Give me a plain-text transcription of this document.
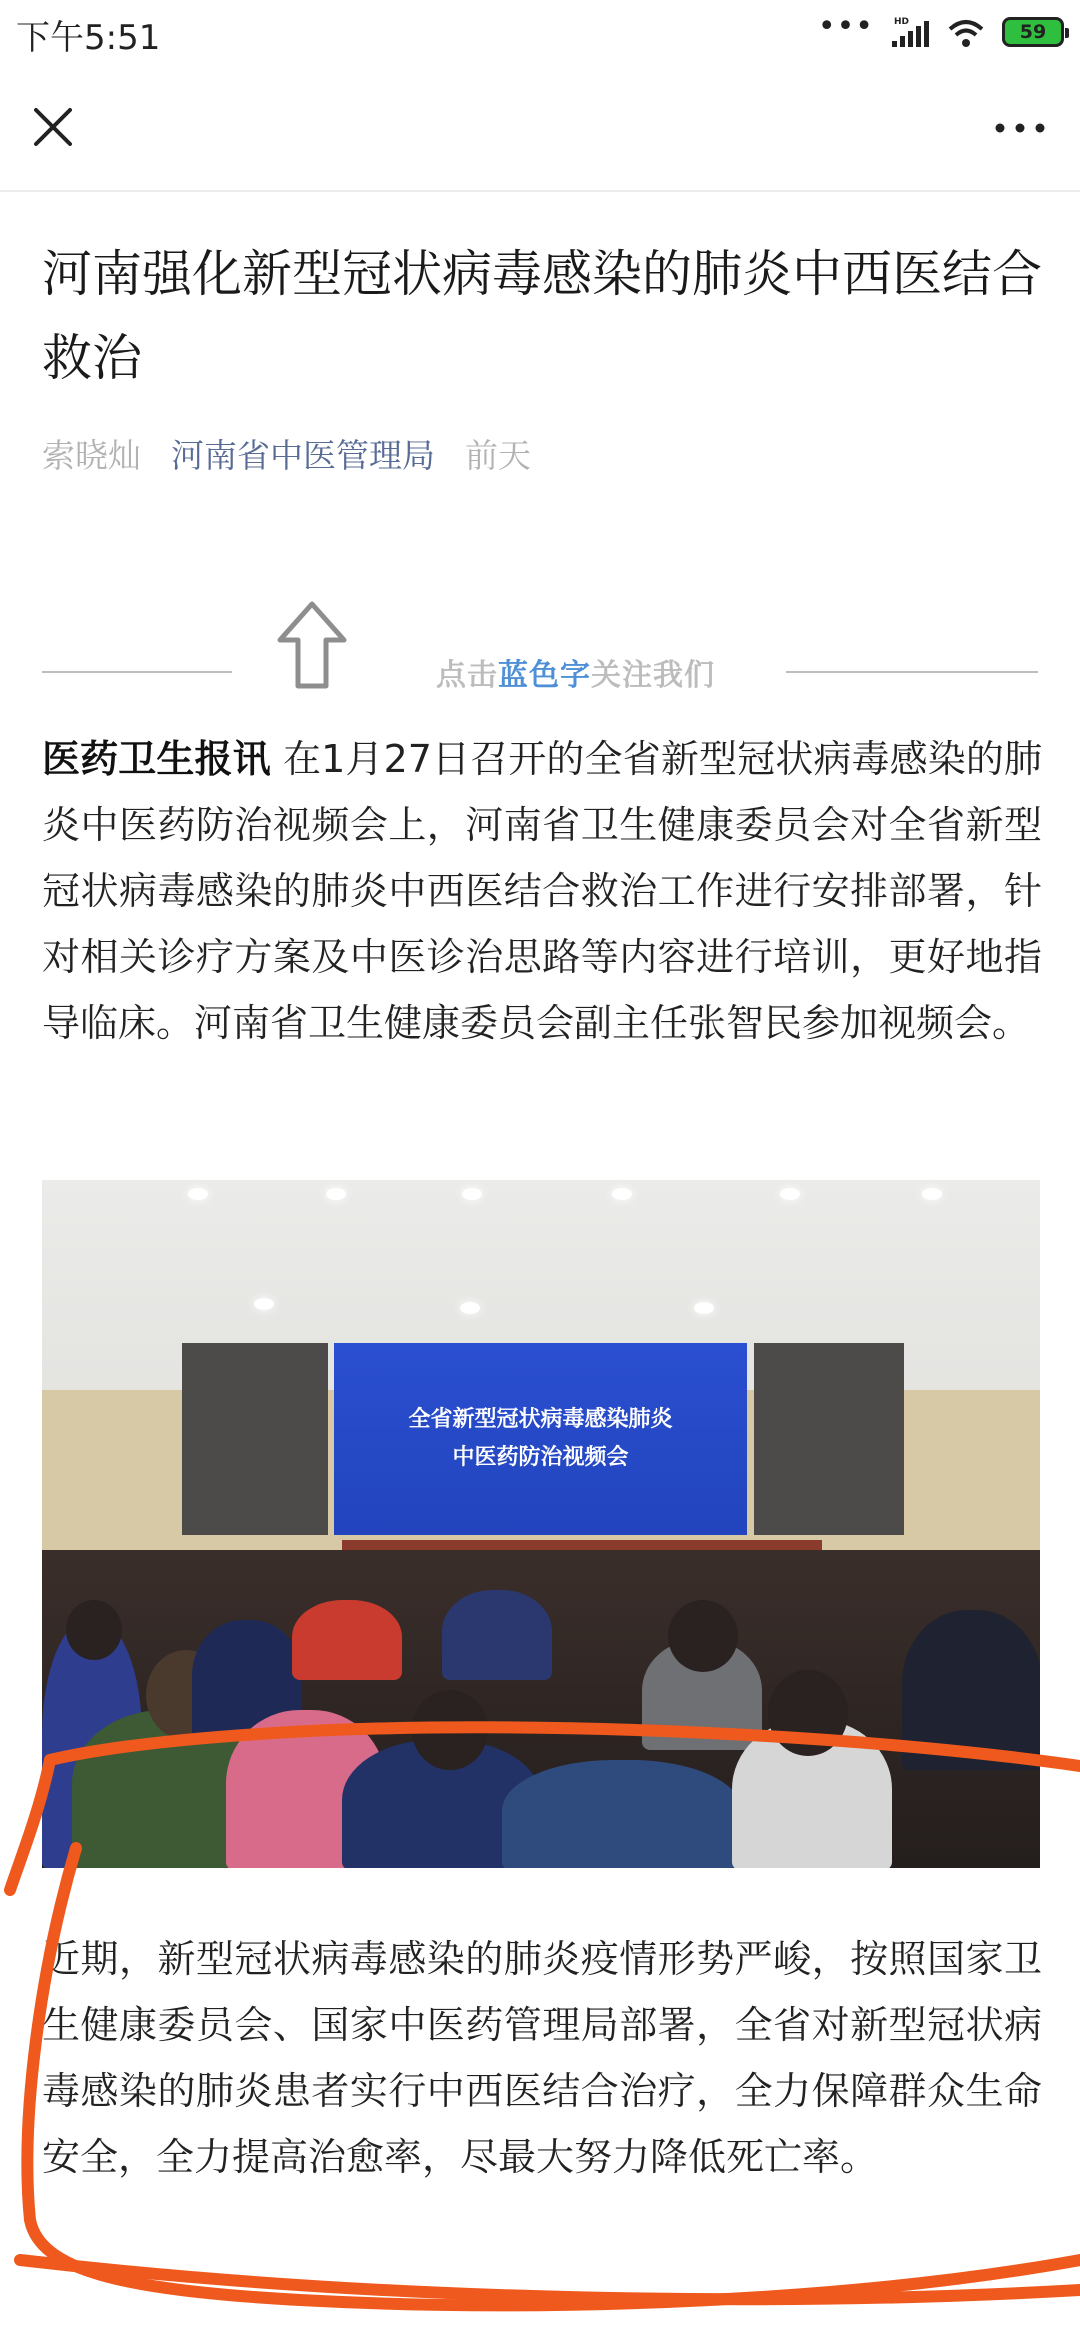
下午5:51	••• HD	59
河南强化新型冠状病毒感染的肺炎中西医结合救治
索晓灿 河南省中医管理局 前天
点击蓝色字关注我们

医药卫生报讯 在1月27日召开的全省新型冠状病毒感染的肺炎中医药防治视频会上，河南省卫生健康委员会对全省新型冠状病毒感染的肺炎中西医结合救治工作进行安排部署，针对相关诊疗方案及中医诊治思路等内容进行培训，更好地指导临床。河南省卫生健康委员会副主任张智民参加视频会。

全省新型冠状病毒感染肺炎
中医药防治视频会

近期，新型冠状病毒感染的肺炎疫情形势严峻，按照国家卫生健康委员会、国家中医药管理局部署，全省对新型冠状病毒感染的肺炎患者实行中西医结合治疗，全力保障群众生命安全，全力提高治愈率，尽最大努力降低死亡率。
